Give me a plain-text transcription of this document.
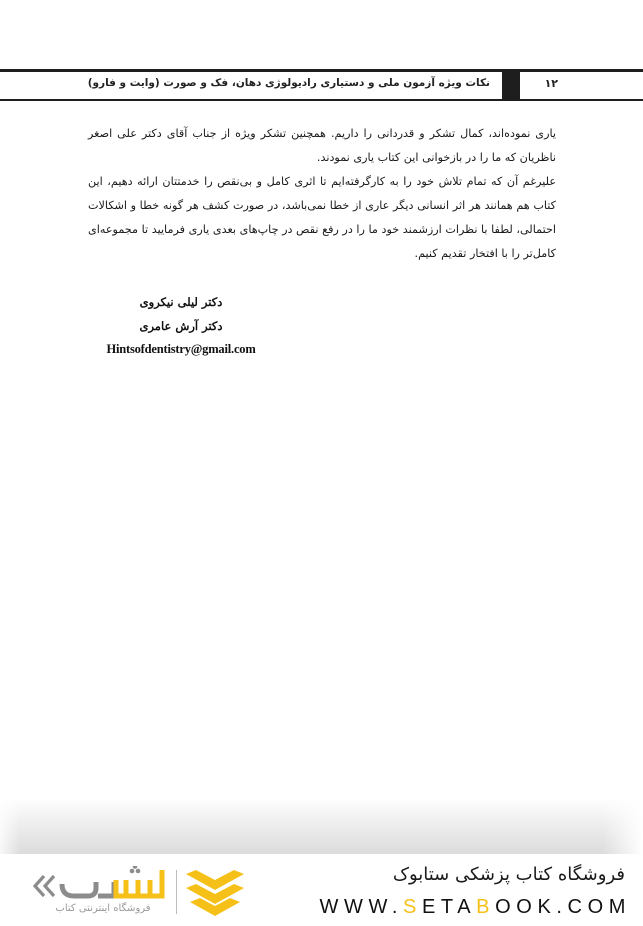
۱۲
نکات ویژه آزمون ملی و دستیاری رادیولوژی دهان، فک و صورت (وایت و فارو)

یاری نموده‌اند، کمال تشکر و قدردانی را داریم. همچنین تشکر ویژه از جناب آقای دکتر علی اصغر ناظریان که ما را در بازخوانی این کتاب یاری نمودند.

علیرغم آن که تمام تلاش خود را به کارگرفته‌ایم تا اثری کامل و بی‌نقص را خدمتتان ارائه دهیم، این کتاب هم همانند هر اثر انسانی دیگر عاری از خطا نمی‌باشد، در صورت کشف هر گونه خطا و اشکالات احتمالی، لطفا با نظرات ارزشمند خود ما را در رفع نقص در چاپ‌های بعدی یاری فرمایید تا مجموعه‌ای کامل‌تر را با افتخار تقدیم کنیم.

دکتر لیلی نیکروی
دکتر آرش عامری
Hintsofdentistry@gmail.com
فروشگاه اینترنتی کتاب
فروشگاه کتاب پزشکی ستابوک
WWW.SETABOOK.COM
